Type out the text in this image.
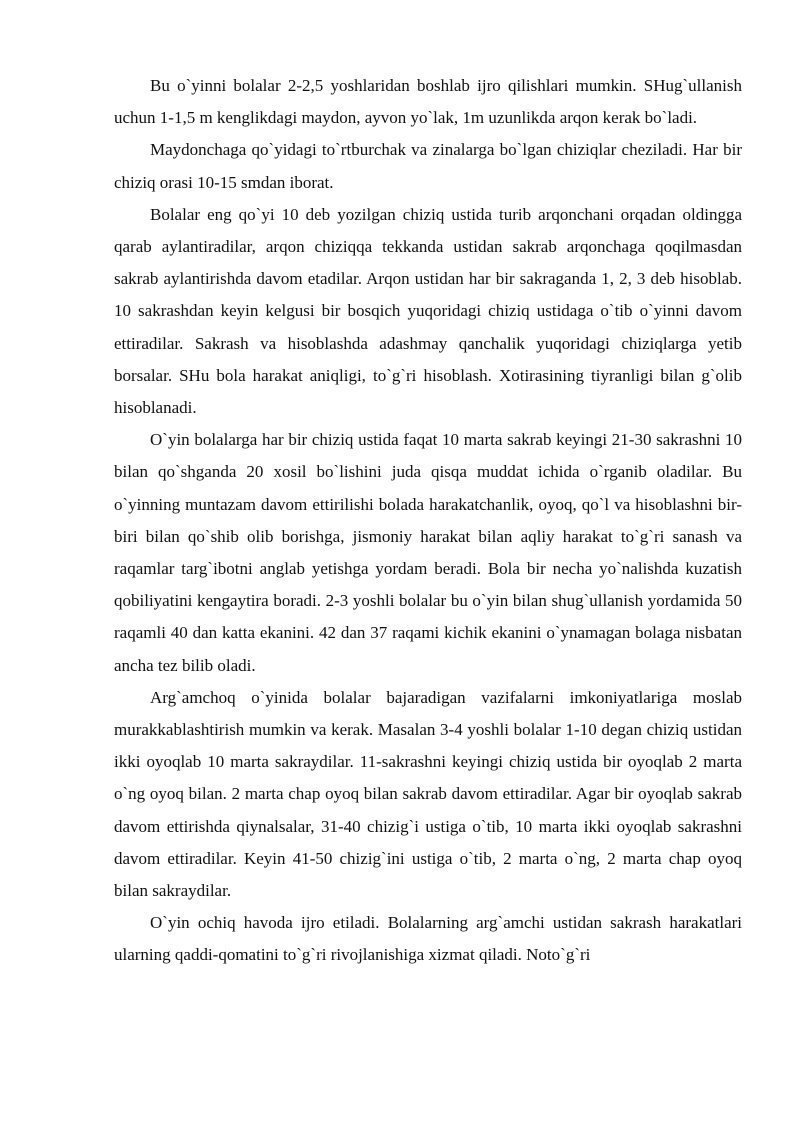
Bu o`yinni bolalar 2-2,5 yoshlaridan boshlab ijro qilishlari mumkin. SHug`ullanish uchun 1-1,5 m kenglikdagi maydon, ayvon yo`lak, 1m uzunlikda arqon kerak bo`ladi.

Maydonchaga qo`yidagi to`rtburchak va zinalarga bo`lgan chiziqlar cheziladi. Har bir chiziq orasi 10-15 smdan iborat.

Bolalar eng qo`yi 10 deb yozilgan chiziq ustida turib arqonchani orqadan oldingga qarab aylantiradilar, arqon chiziqqa tekkanda ustidan sakrab arqonchaga qoqilmasdan sakrab aylantirishda davom etadilar. Arqon ustidan har bir sakraganda 1, 2, 3 deb hisoblab. 10 sakrashdan keyin kelgusi bir bosqich yuqoridagi chiziq ustidaga o`tib o`yinni davom ettiradilar. Sakrash va hisoblashda adashmay qanchalik yuqoridagi chiziqlarga yetib borsalar. SHu bola harakat aniqligi, to`g`ri hisoblash. Xotirasining tiyranligi bilan g`olib hisoblanadi.

O`yin bolalarga har bir chiziq ustida faqat 10 marta sakrab keyingi 21-30 sakrashni 10 bilan qo`shganda 20 xosil bo`lishini juda qisqa muddat ichida o`rganib oladilar. Bu o`yinning muntazam davom ettirilishi bolada harakatchanlik, oyoq, qo`l va hisoblashni bir-biri bilan qo`shib olib borishga, jismoniy harakat bilan aqliy harakat to`g`ri sanash va raqamlar targ`ibotni anglab yetishga yordam beradi. Bola bir necha yo`nalishda kuzatish qobiliyatini kengaytira boradi. 2-3 yoshli bolalar bu o`yin bilan shug`ullanish yordamida 50 raqamli 40 dan katta ekanini. 42 dan 37 raqami kichik ekanini o`ynamagan bolaga nisbatan ancha tez bilib oladi.

Arg`amchoq o`yinida bolalar bajaradigan vazifalarni imkoniyatlariga moslab murakkablashtirish mumkin va kerak. Masalan 3-4 yoshli bolalar 1-10 degan chiziq ustidan ikki oyoqlab 10 marta sakraydilar. 11-sakrashni keyingi chiziq ustida bir oyoqlab 2 marta o`ng oyoq bilan. 2 marta chap oyoq bilan sakrab davom ettiradilar. Agar bir oyoqlab sakrab davom ettirishda qiynalsalar, 31-40 chizig`i ustiga o`tib, 10 marta ikki oyoqlab sakrashni davom ettiradilar. Keyin 41-50 chizig`ini ustiga o`tib, 2 marta o`ng, 2 marta chap oyoq bilan sakraydilar.

O`yin ochiq havoda ijro etiladi. Bolalarning arg`amchi ustidan sakrash harakatlari ularning qaddi-qomatini to`g`ri rivojlanishiga xizmat qiladi. Noto`g`ri
